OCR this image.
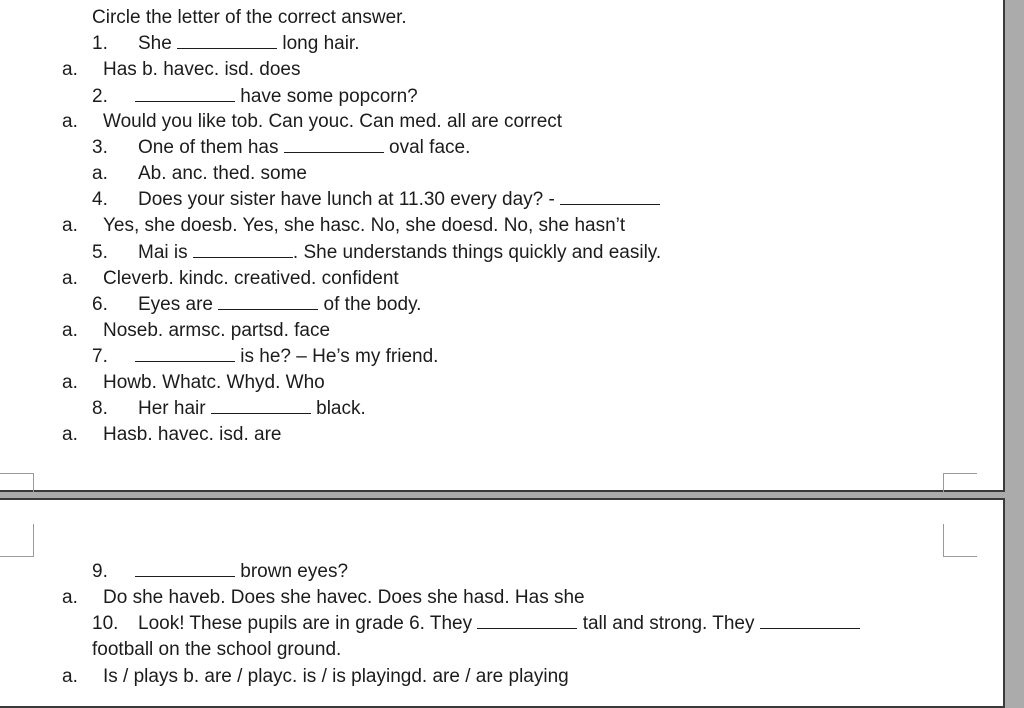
Circle the letter of the correct answer.
1. She	long hair.
a. Has b. havec. isd. does
2.	have some popcorn?
a. Would you like tob. Can youc. Can med. all are correct
3. One of them has	oval face.
a. Ab. anc. thed. some
4. Does your sister have lunch at 11.30 every day? -
a. Yes, she doesb. Yes, she hasc. No, she doesd. No, she hasn’t
5. Mai is	. She understands things quickly and easily.
a. Cleverb. kindc. creatived. confident
6. Eyes are	of the body.
a. Noseb. armsc. partsd. face
7.	is he? – He’s my friend.
a. Howb. Whatc. Whyd. Who
8. Her hair	black.
a. Hasb. havec. isd. are
9.	brown eyes?
a. Do she haveb. Does she havec. Does she hasd. Has she
10. Look! These pupils are in grade 6. They	tall and strong. They
football on the school ground.
a. Is / plays b. are / playc. is / is playingd. are / are playing
